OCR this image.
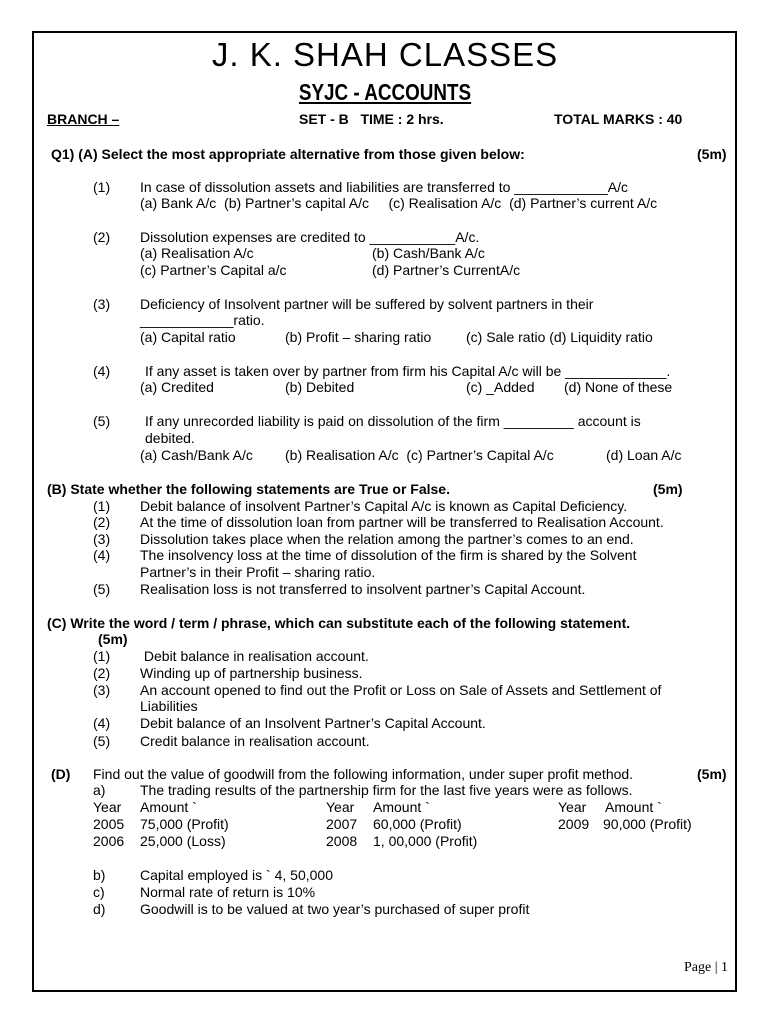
J. K. SHAH CLASSES
SYJC - ACCOUNTS
BRANCH –	SET - B   TIME : 2 hrs.	TOTAL MARKS : 40
Q1) (A) Select the most appropriate alternative from those given below:	(5m)
(1) In case of dissolution assets and liabilities are transferred to ____________A/c
(a) Bank A/c  (b) Partner’s capital A/c     (c) Realisation A/c  (d) Partner’s current A/c
(2) Dissolution expenses are credited to ___________A/c.
(a) Realisation A/c	(b) Cash/Bank A/c
(c) Partner’s Capital a/c	(d) Partner’s CurrentA/c
(3) Deficiency of Insolvent partner will be suffered by solvent partners in their
____________ratio.
(a) Capital ratio	(b) Profit – sharing ratio (c) Sale ratio (d) Liquidity ratio
(4) If any asset is taken over by partner from firm his Capital A/c will be _____________.
(a) Credited	(b) Debited	(c) _Added (d) None of these
(5) If any unrecorded liability is paid on dissolution of the firm _________ account is
debited.
(a) Cash/Bank A/c (b) Realisation A/c  (c) Partner’s Capital A/c	(d) Loan A/c
(B) State whether the following statements are True or False.	(5m)
(1) Debit balance of insolvent Partner’s Capital A/c is known as Capital Deficiency.
(2) At the time of dissolution loan from partner will be transferred to Realisation Account.
(3) Dissolution takes place when the relation among the partner’s comes to an end.
(4) The insolvency loss at the time of dissolution of the firm is shared by the Solvent
Partner’s in their Profit – sharing ratio.
(5) Realisation loss is not transferred to insolvent partner’s Capital Account.
(C) Write the word / term / phrase, which can substitute each of the following statement.
(5m)
(1) Debit balance in realisation account.
(2) Winding up of partnership business.
(3) An account opened to find out the Profit or Loss on Sale of Assets and Settlement of
Liabilities
(4) Debit balance of an Insolvent Partner’s Capital Account.
(5) Credit balance in realisation account.
(D) Find out the value of goodwill from the following information, under super profit method.	(5m)
a) The trading results of the partnership firm for the last five years were as follows.
Year Amount `	Year Amount `	Year Amount `
2005 75,000 (Profit)	2007 60,000 (Profit)	2009 90,000 (Profit)
2006 25,000 (Loss)	2008 1, 00,000 (Profit)
b) Capital employed is ` 4, 50,000
c)	Normal rate of return is 10%
d) Goodwill is to be valued at two year’s purchased of super profit
Page | 1
